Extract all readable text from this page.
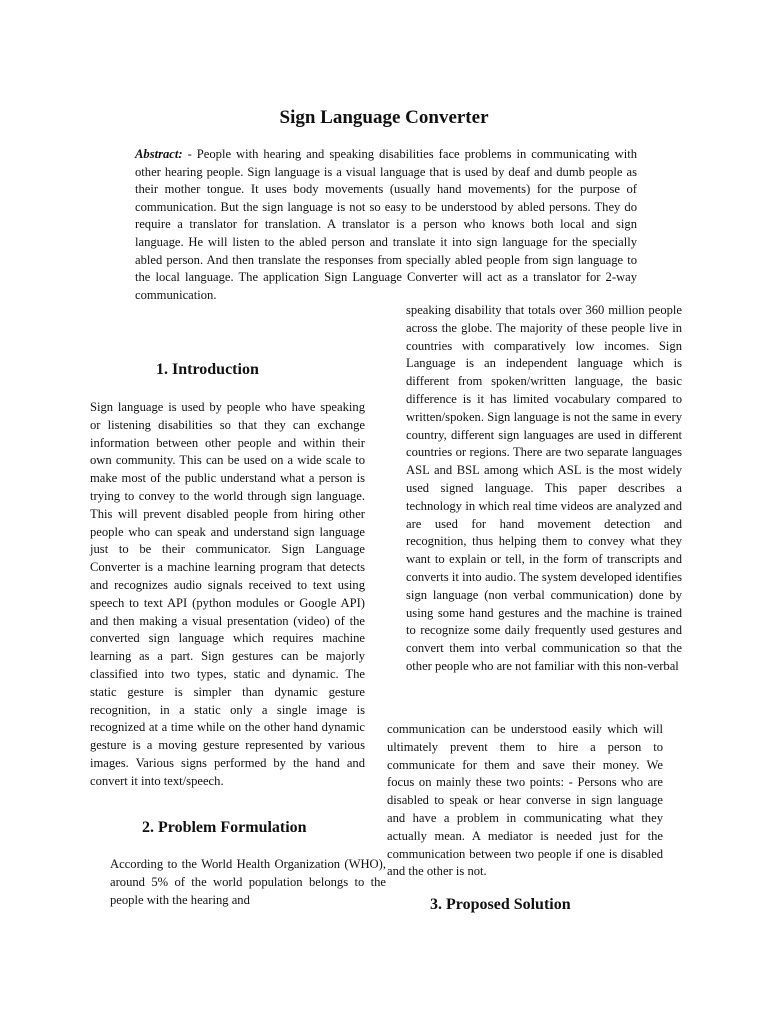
Sign Language Converter

Abstract: - People with hearing and speaking disabilities face problems in communicating with other hearing people. Sign language is a visual language that is used by deaf and dumb people as their mother tongue. It uses body movements (usually hand movements) for the purpose of communication. But the sign language is not so easy to be understood by abled persons. They do require a translator for translation. A translator is a person who knows both local and sign language. He will listen to the abled person and translate it into sign language for the specially abled person. And then translate the responses from specially abled people from sign language to the local language. The application Sign Language Converter will act as a translator for 2-way communication.

1. Introduction

Sign language is used by people who have speaking or listening disabilities so that they can exchange information between other people and within their own community. This can be used on a wide scale to make most of the public understand what a person is trying to convey to the world through sign language. This will prevent disabled people from hiring other people who can speak and understand sign language just to be their communicator. Sign Language Converter is a machine learning program that detects and recognizes audio signals received to text using speech to text API (python modules or Google API) and then making a visual presentation (video) of the converted sign language which requires machine learning as a part. Sign gestures can be majorly classified into two types, static and dynamic. The static gesture is simpler than dynamic gesture recognition, in a static only a single image is recognized at a time while on the other hand dynamic gesture is a moving gesture represented by various images. Various signs performed by the hand and convert it into text/speech.

2. Problem Formulation

According to the World Health Organization (WHO), around 5% of the world population belongs to the people with the hearing and

speaking disability that totals over 360 million people across the globe. The majority of these people live in countries with comparatively low incomes. Sign Language is an independent language which is different from spoken/written language, the basic difference is it has limited vocabulary compared to written/spoken. Sign language is not the same in every country, different sign languages are used in different countries or regions. There are two separate languages ASL and BSL among which ASL is the most widely used signed language. This paper describes a technology in which real time videos are analyzed and are used for hand movement detection and recognition, thus helping them to convey what they want to explain or tell, in the form of transcripts and converts it into audio. The system developed identifies sign language (non verbal communication) done by using some hand gestures and the machine is trained to recognize some daily frequently used gestures and convert them into verbal communication so that the other people who are not familiar with this non-verbal

communication can be understood easily which will ultimately prevent them to hire a person to communicate for them and save their money. We focus on mainly these two points: - Persons who are disabled to speak or hear converse in sign language and have a problem in communicating what they actually mean. A mediator is needed just for the communication between two people if one is disabled and the other is not.

3. Proposed Solution
